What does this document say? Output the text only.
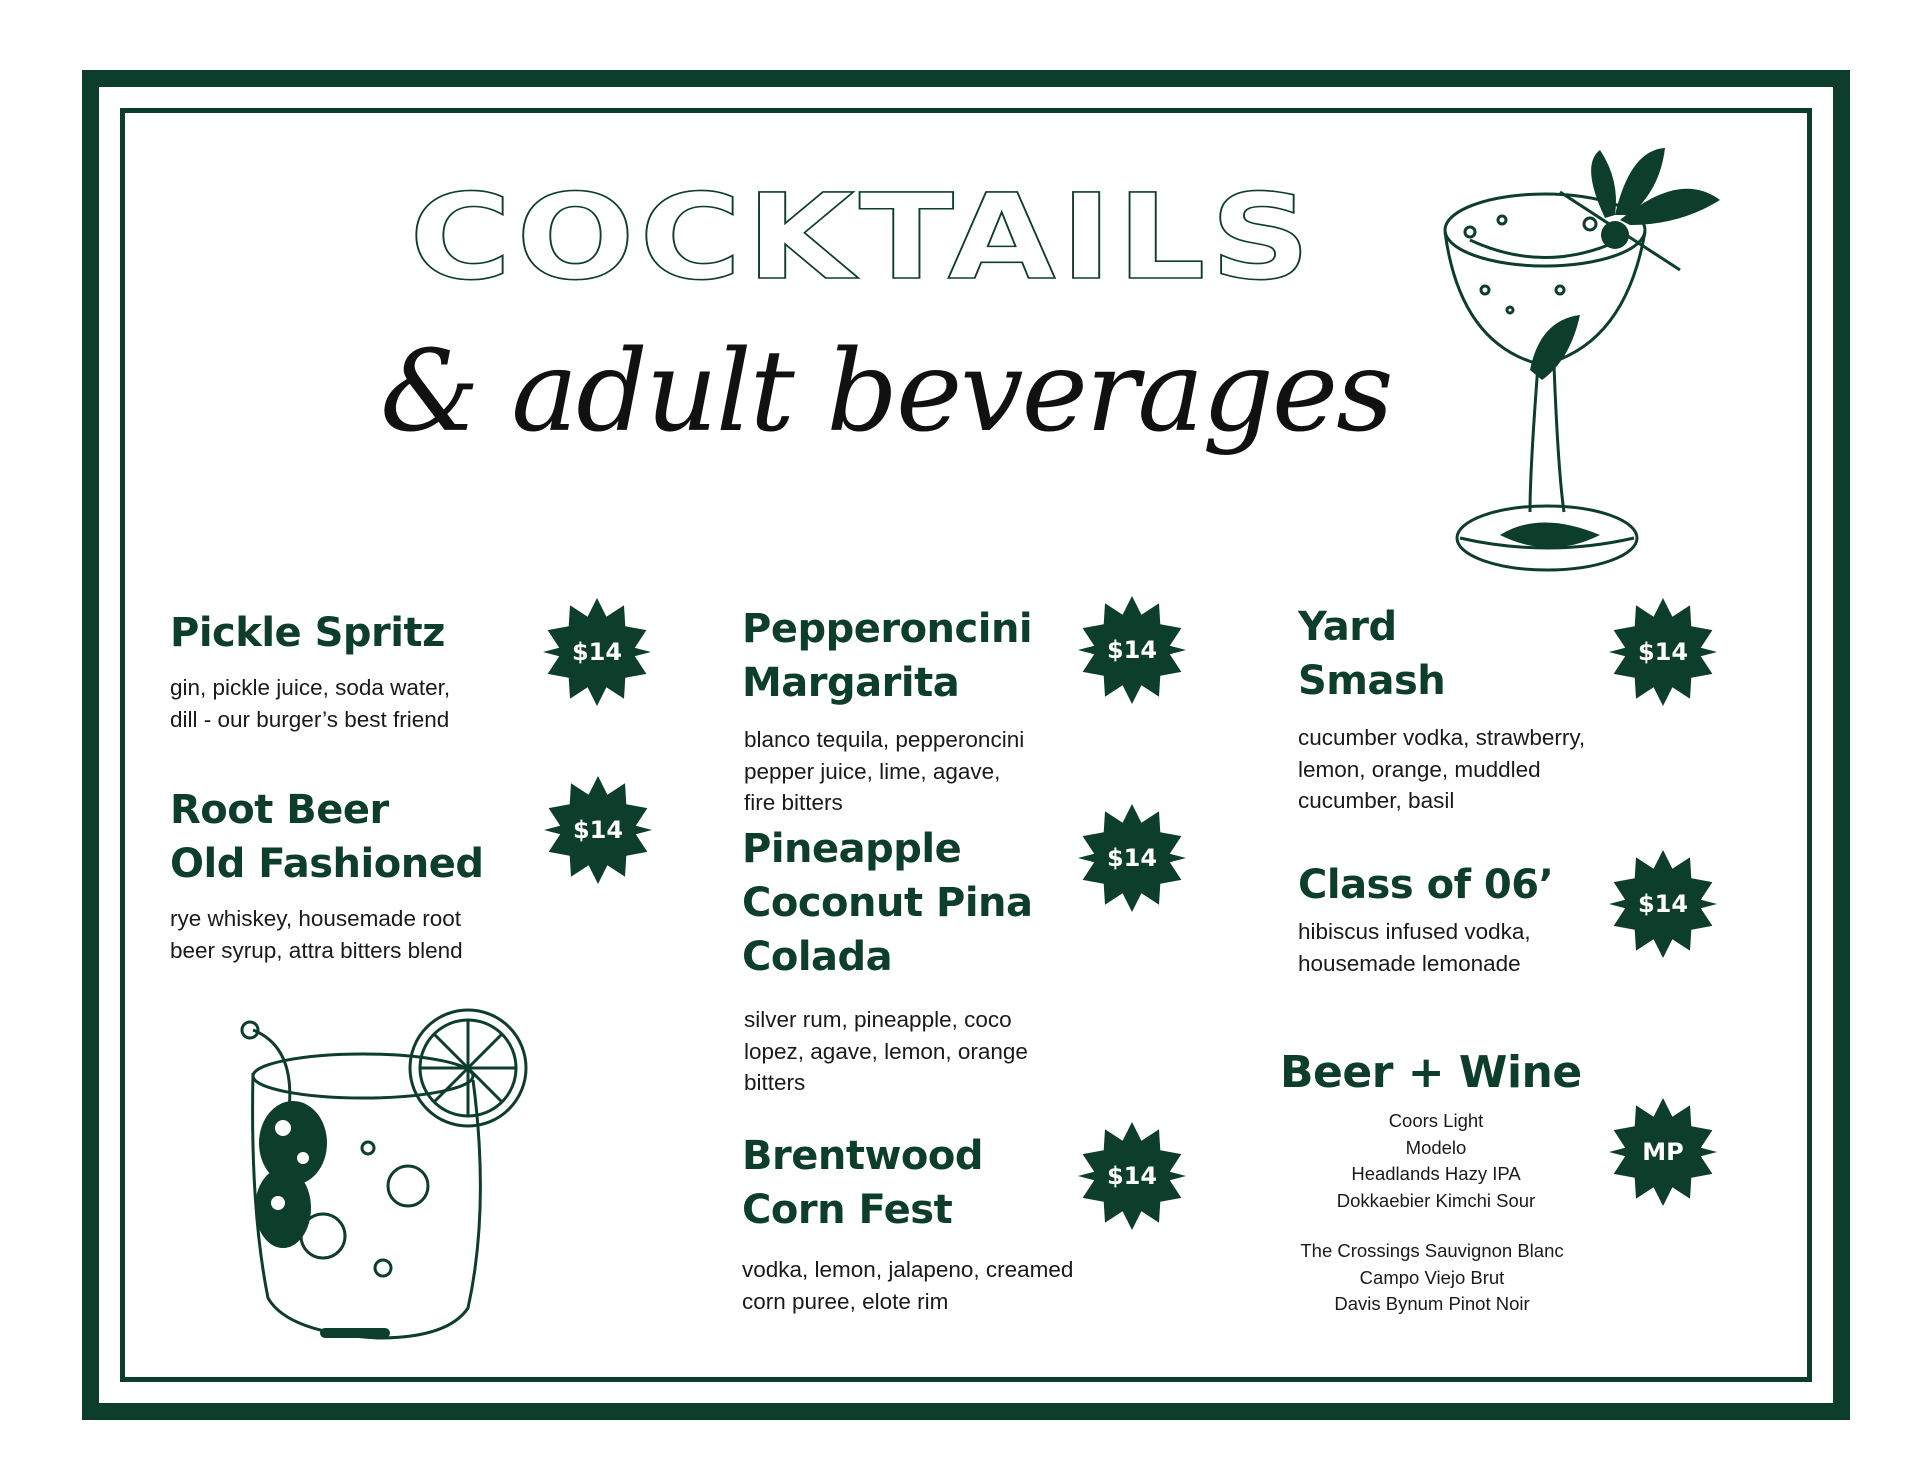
COCKTAILS
& adult beverages
Pickle Spritz
gin, pickle juice, soda water,
dill - our burger’s best friend
$14
Root Beer
Old Fashioned
rye whiskey, housemade root
beer syrup, attra bitters blend
$14
Pepperoncini
Margarita
blanco tequila, pepperoncini
pepper juice, lime, agave,
fire bitters
$14
Pineapple
Coconut Pina
Colada
silver rum, pineapple, coco
lopez, agave, lemon, orange
bitters
$14
Brentwood
Corn Fest
vodka, lemon, jalapeno, creamed
corn puree, elote rim
$14
Yard
Smash
cucumber vodka, strawberry,
lemon, orange, muddled
cucumber, basil
$14
Class of 06’
hibiscus infused vodka,
housemade lemonade
$14
Beer + Wine
Coors Light
Modelo
Headlands Hazy IPA
Dokkaebier Kimchi Sour
The Crossings Sauvignon Blanc
Campo Viejo Brut
Davis Bynum Pinot Noir
MP
